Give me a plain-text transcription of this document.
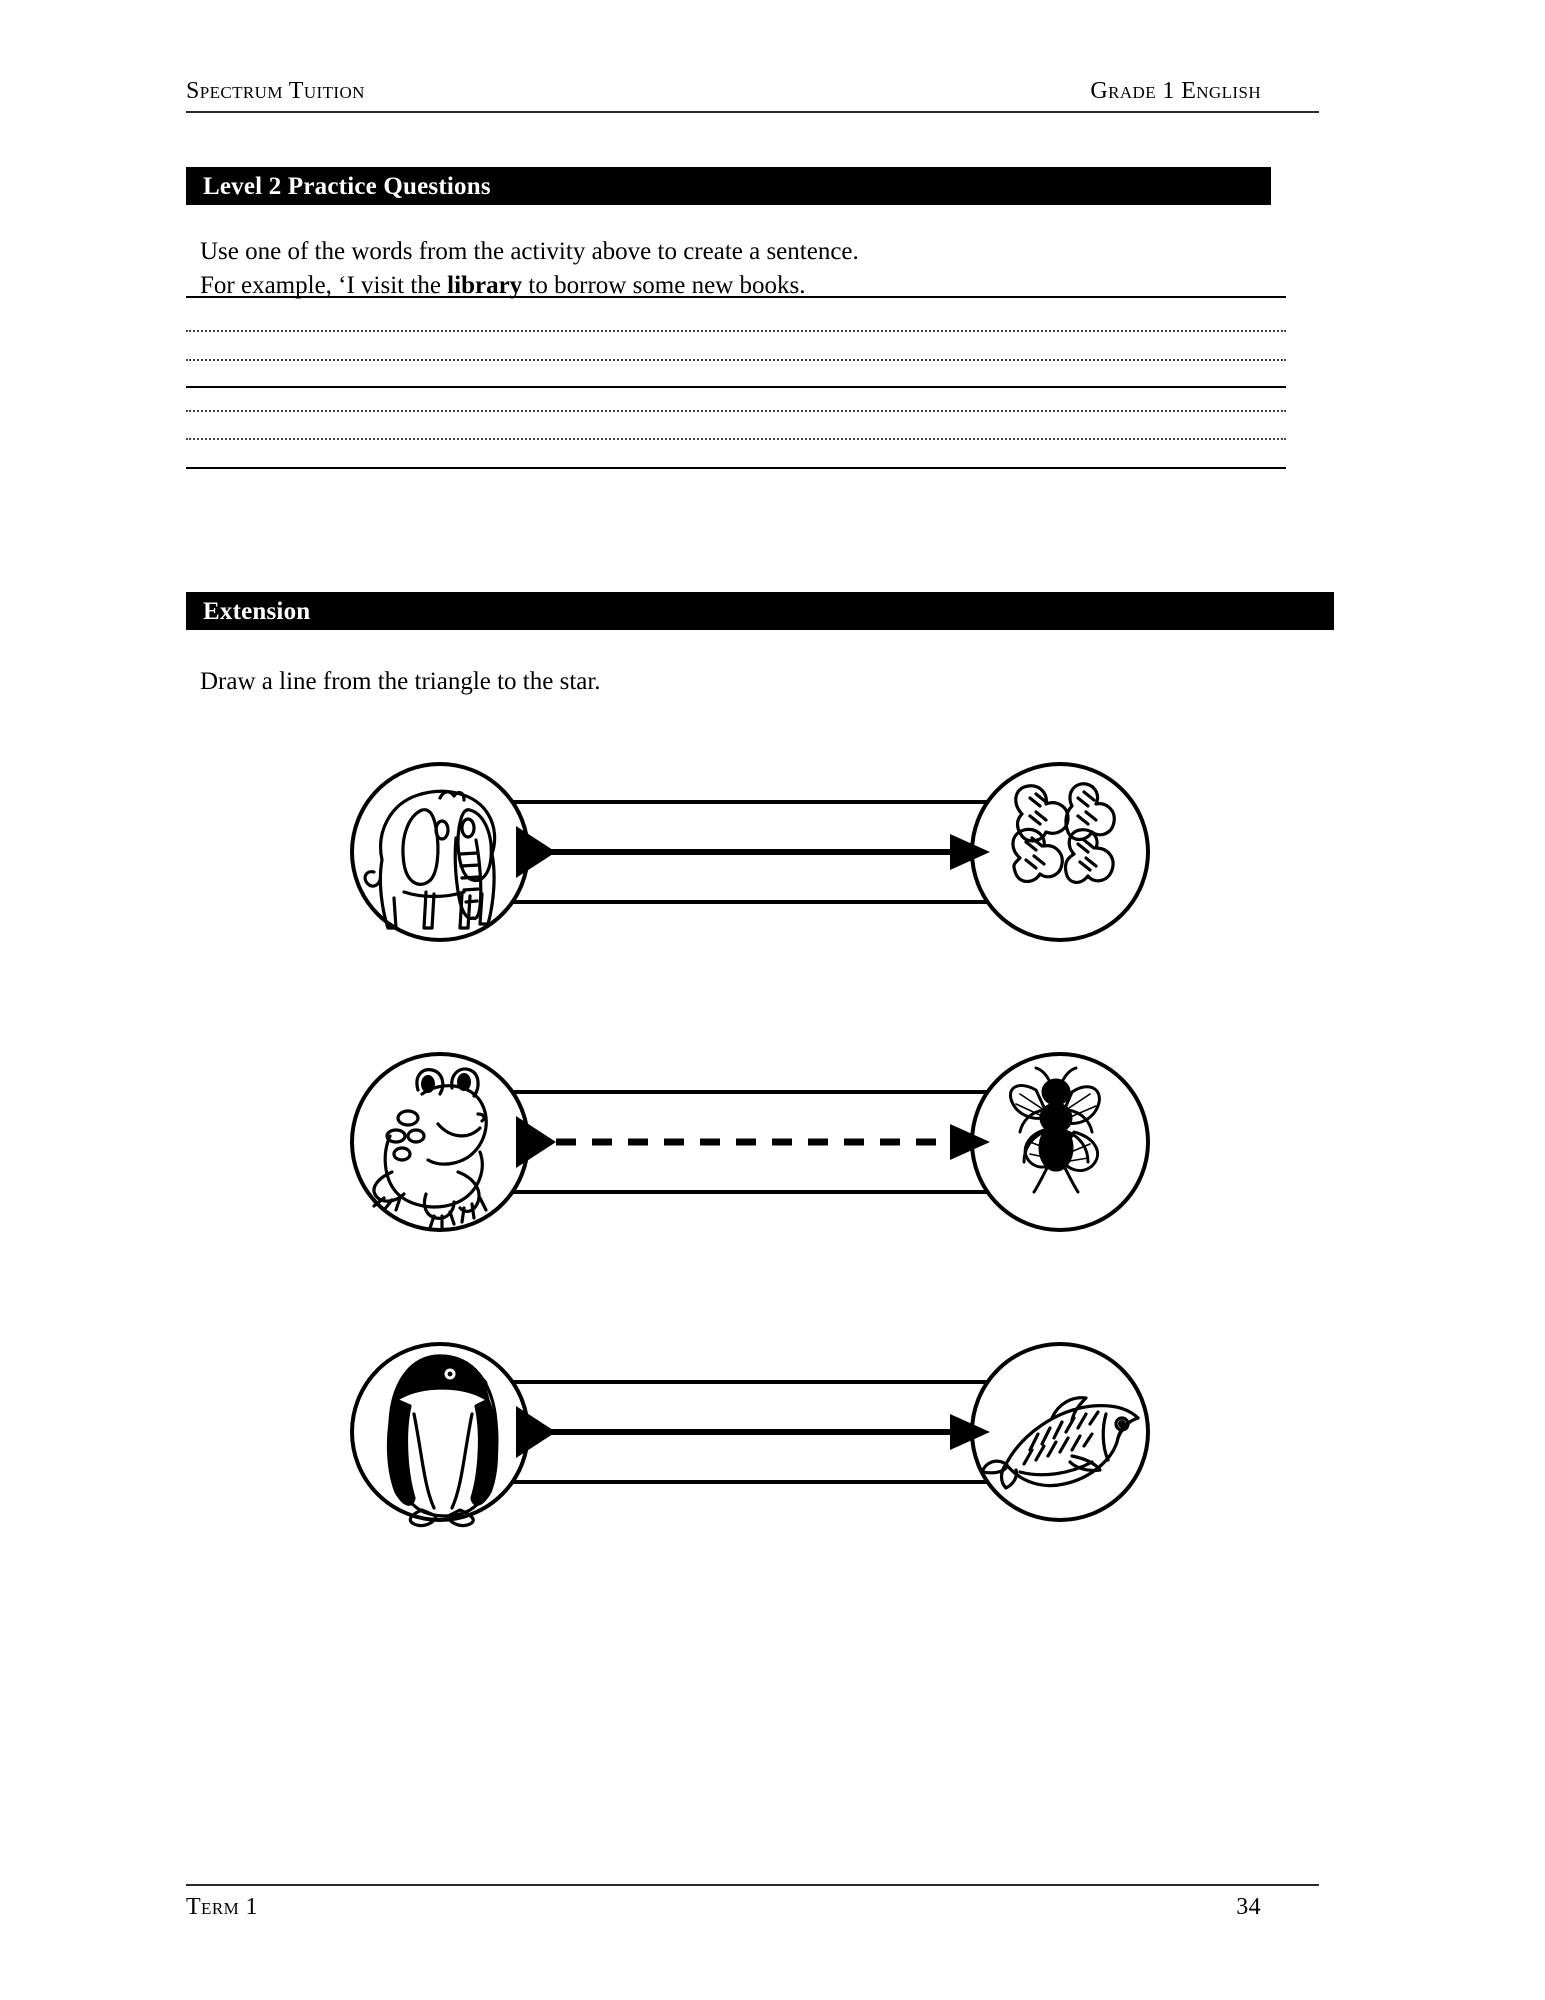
Spectrum Tuition	Grade 1 English
Level 2 Practice Questions
Use one of the words from the activity above to create a sentence.
For example, ‘I visit the library to borrow some new books.
Extension
Draw a line from the triangle to the star.
Term 1	34
